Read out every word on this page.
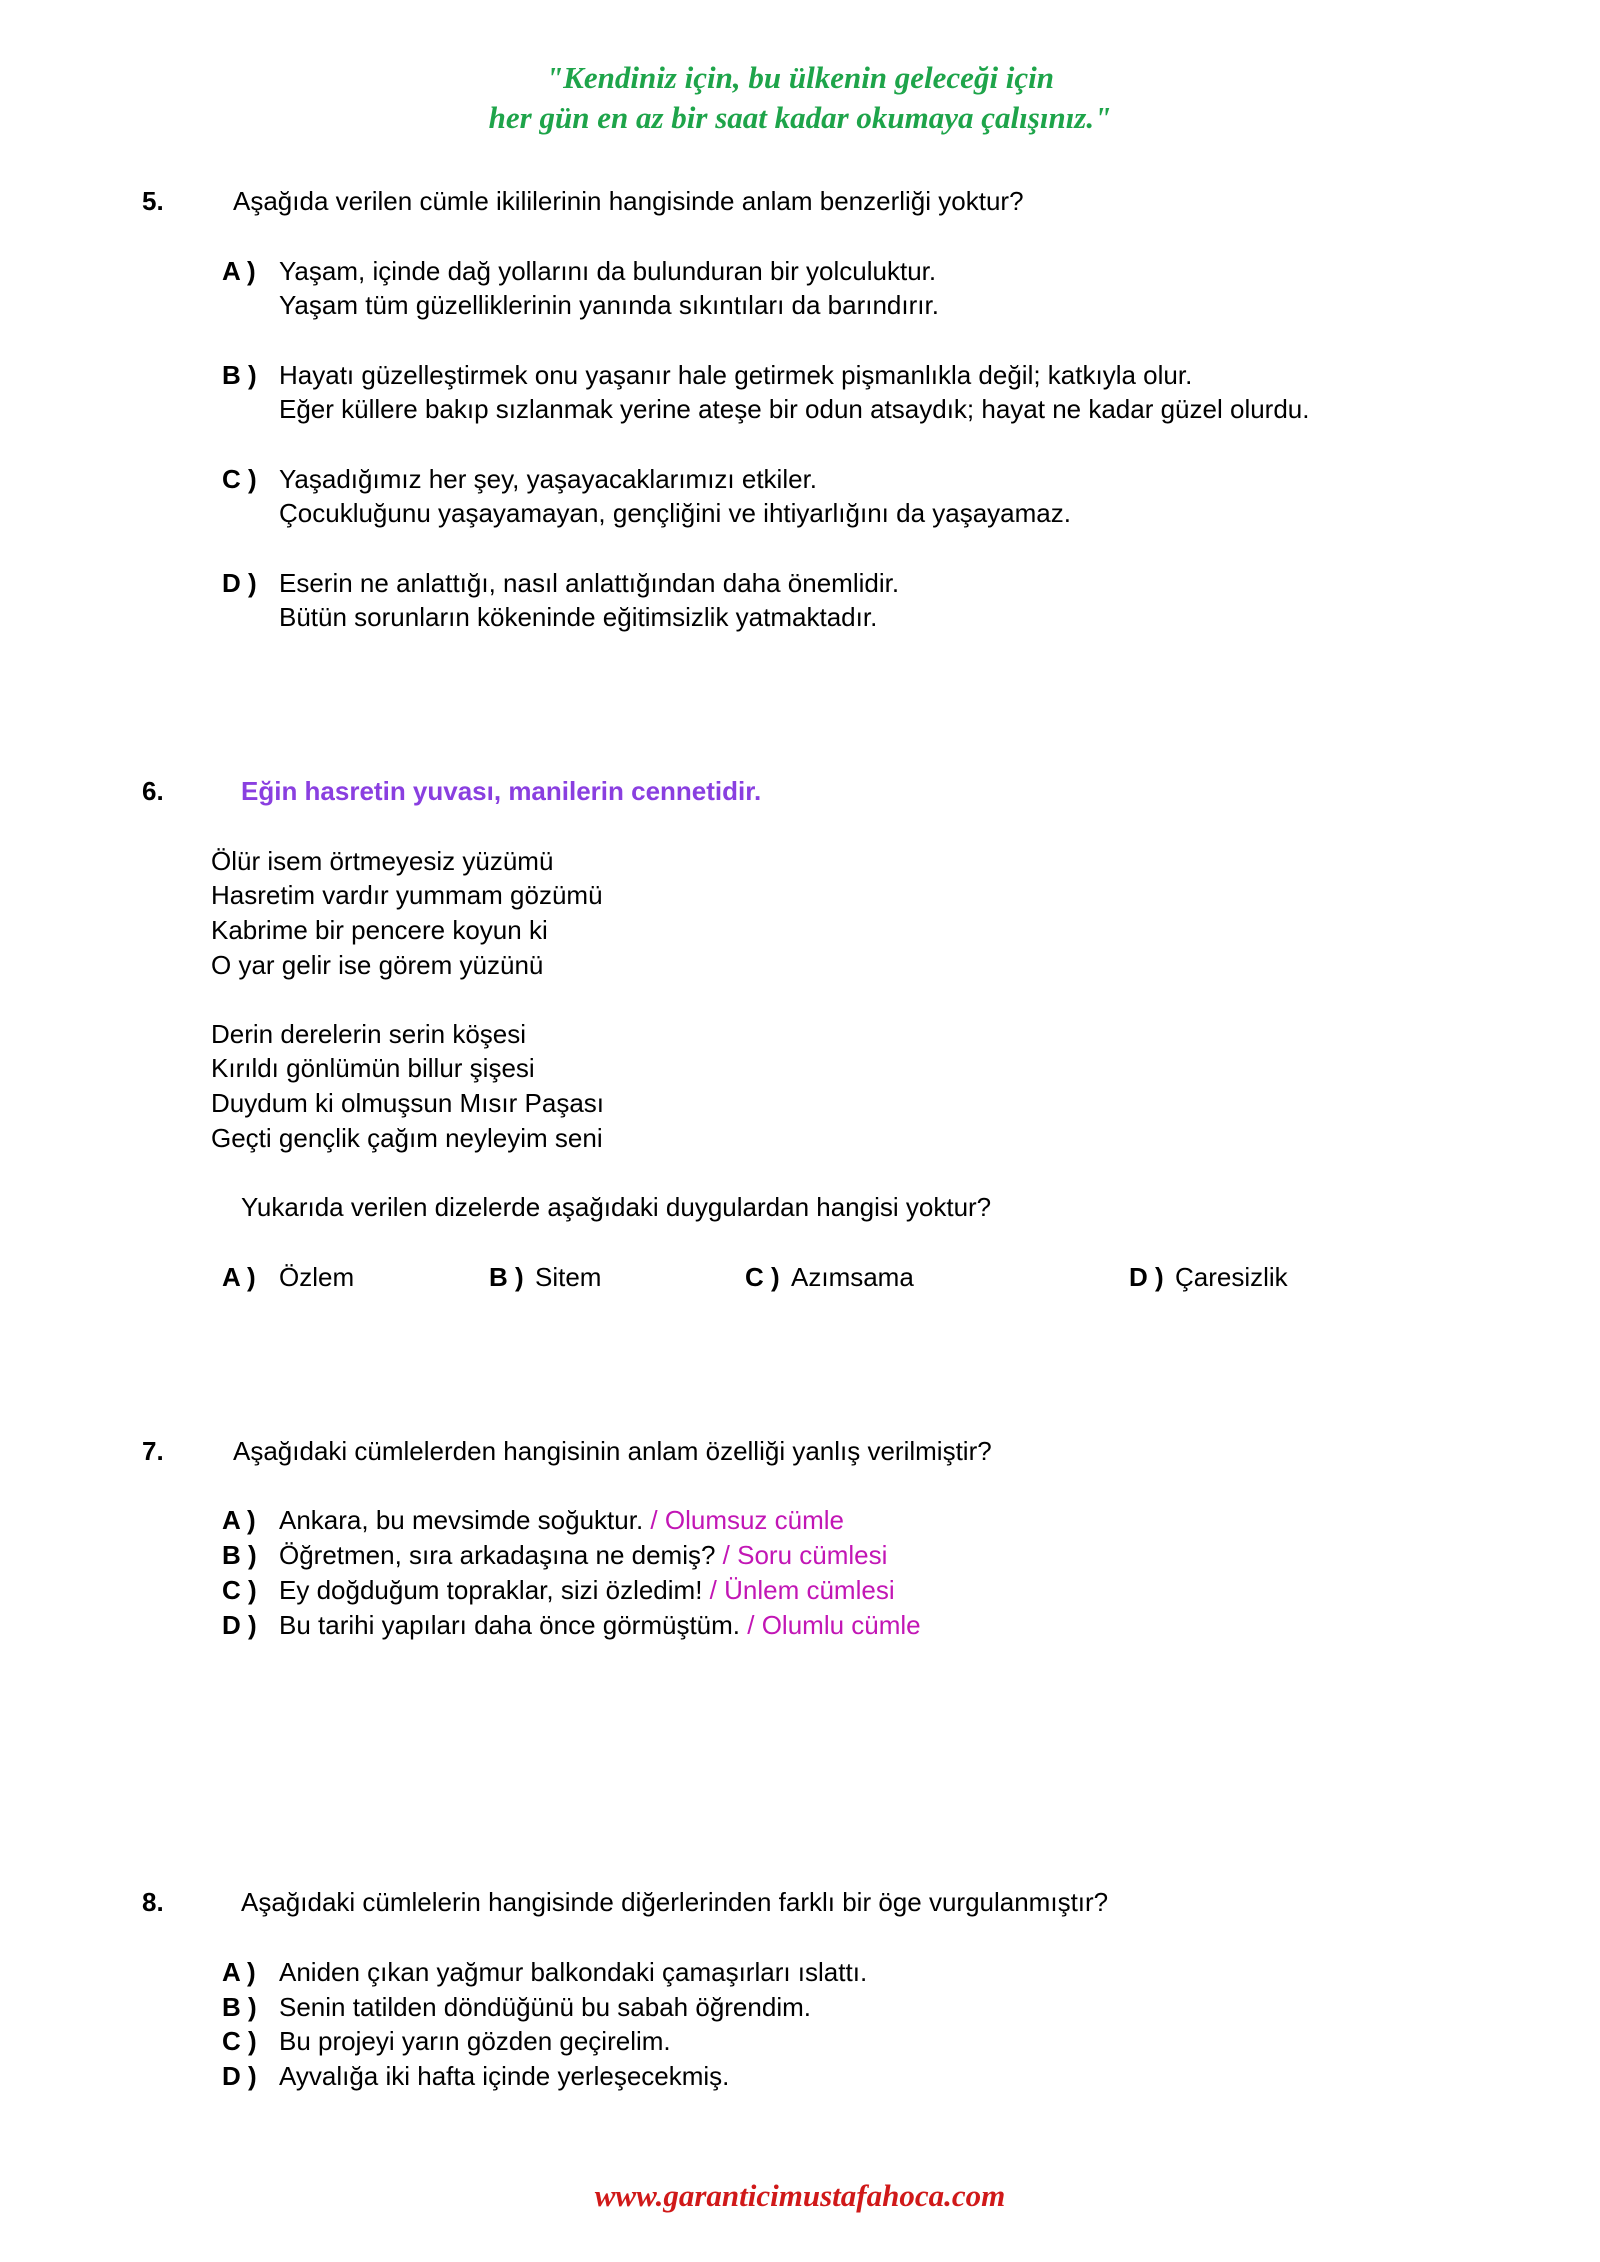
"Kendiniz için, bu ülkenin geleceği için
her gün en az bir saat kadar okumaya çalışınız."
5.	Aşağıda verilen cümle ikililerinin hangisinde anlam benzerliği yoktur?
A ) Yaşam, içinde dağ yollarını da bulunduran bir yolculuktur.
Yaşam tüm güzelliklerinin yanında sıkıntıları da barındırır.
B ) Hayatı güzelleştirmek onu yaşanır hale getirmek pişmanlıkla değil; katkıyla olur.
Eğer küllere bakıp sızlanmak yerine ateşe bir odun atsaydık; hayat ne kadar güzel olurdu.
C ) Yaşadığımız her şey, yaşayacaklarımızı etkiler.
Çocukluğunu yaşayamayan, gençliğini ve ihtiyarlığını da yaşayamaz.
D ) Eserin ne anlattığı, nasıl anlattığından daha önemlidir.
Bütün sorunların kökeninde eğitimsizlik yatmaktadır.
6.	Eğin hasretin yuvası, manilerin cennetidir.
Ölür isem örtmeyesiz yüzümü
Hasretim vardır yummam gözümü
Kabrime bir pencere koyun ki
O yar gelir ise görem yüzünü
Derin derelerin serin köşesi
Kırıldı gönlümün billur şişesi
Duydum ki olmuşsun Mısır Paşası
Geçti gençlik çağım neyleyim seni
Yukarıda verilen dizelerde aşağıdaki duygulardan hangisi yoktur?
A ) Özlem	B ) Sitem	C ) Azımsama	D ) Çaresizlik
7.	Aşağıdaki cümlelerden hangisinin anlam özelliği yanlış verilmiştir?
A ) Ankara, bu mevsimde soğuktur. / Olumsuz cümle
B ) Öğretmen, sıra arkadaşına ne demiş? / Soru cümlesi
C ) Ey doğduğum topraklar, sizi özledim! / Ünlem cümlesi
D ) Bu tarihi yapıları daha önce görmüştüm. / Olumlu cümle
8.	Aşağıdaki cümlelerin hangisinde diğerlerinden farklı bir öge vurgulanmıştır?
A ) Aniden çıkan yağmur balkondaki çamaşırları ıslattı.
B ) Senin tatilden döndüğünü bu sabah öğrendim.
C ) Bu projeyi yarın gözden geçirelim.
D ) Ayvalığa iki hafta içinde yerleşecekmiş.
www.garanticimustafahoca.com
